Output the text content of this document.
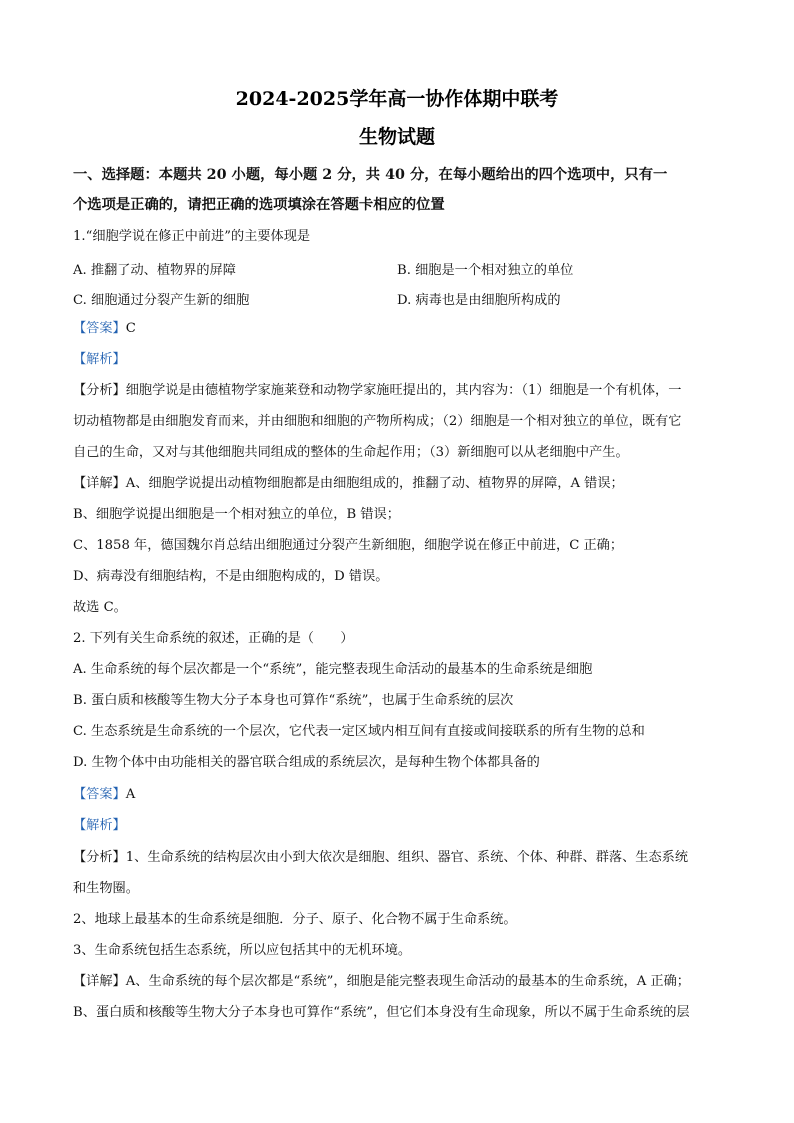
2024-2025学年高一协作体期中联考
生物试题
一、选择题：本题共 20 小题，每小题 2 分，共 40 分，在每小题给出的四个选项中，只有一
个选项是正确的，请把正确的选项填涂在答题卡相应的位置
1.“细胞学说在修正中前进”的主要体现是
A. 推翻了动、植物界的屏障	B. 细胞是一个相对独立的单位
C. 细胞通过分裂产生新的细胞	D. 病毒也是由细胞所构成的
【答案】C
【解析】
【分析】细胞学说是由德植物学家施莱登和动物学家施旺提出的，其内容为：（1）细胞是一个有机体，一
切动植物都是由细胞发育而来，并由细胞和细胞的产物所构成；（2）细胞是一个相对独立的单位，既有它
自己的生命，又对与其他细胞共同组成的整体的生命起作用；（3）新细胞可以从老细胞中产生。
【详解】A、细胞学说提出动植物细胞都是由细胞组成的，推翻了动、植物界的屏障，A 错误；
B、细胞学说提出细胞是一个相对独立的单位，B 错误；
C、1858 年，德国魏尔肖总结出细胞通过分裂产生新细胞，细胞学说在修正中前进，C 正确；
D、病毒没有细胞结构，不是由细胞构成的，D 错误。
故选 C。
2. 下列有关生命系统的叙述，正确的是（　　）
A. 生命系统的每个层次都是一个“系统”，能完整表现生命活动的最基本的生命系统是细胞
B. 蛋白质和核酸等生物大分子本身也可算作“系统”，也属于生命系统的层次
C. 生态系统是生命系统的一个层次，它代表一定区域内相互间有直接或间接联系的所有生物的总和
D. 生物个体中由功能相关的器官联合组成的系统层次，是每种生物个体都具备的
【答案】A
【解析】
【分析】1、生命系统的结构层次由小到大依次是细胞、组织、器官、系统、个体、种群、群落、生态系统
和生物圈。
2、地球上最基本的生命系统是细胞．分子、原子、化合物不属于生命系统。
3、生命系统包括生态系统，所以应包括其中的无机环境。
【详解】A、生命系统的每个层次都是“系统”，细胞是能完整表现生命活动的最基本的生命系统，A 正确；
B、蛋白质和核酸等生物大分子本身也可算作“系统”，但它们本身没有生命现象，所以不属于生命系统的层
